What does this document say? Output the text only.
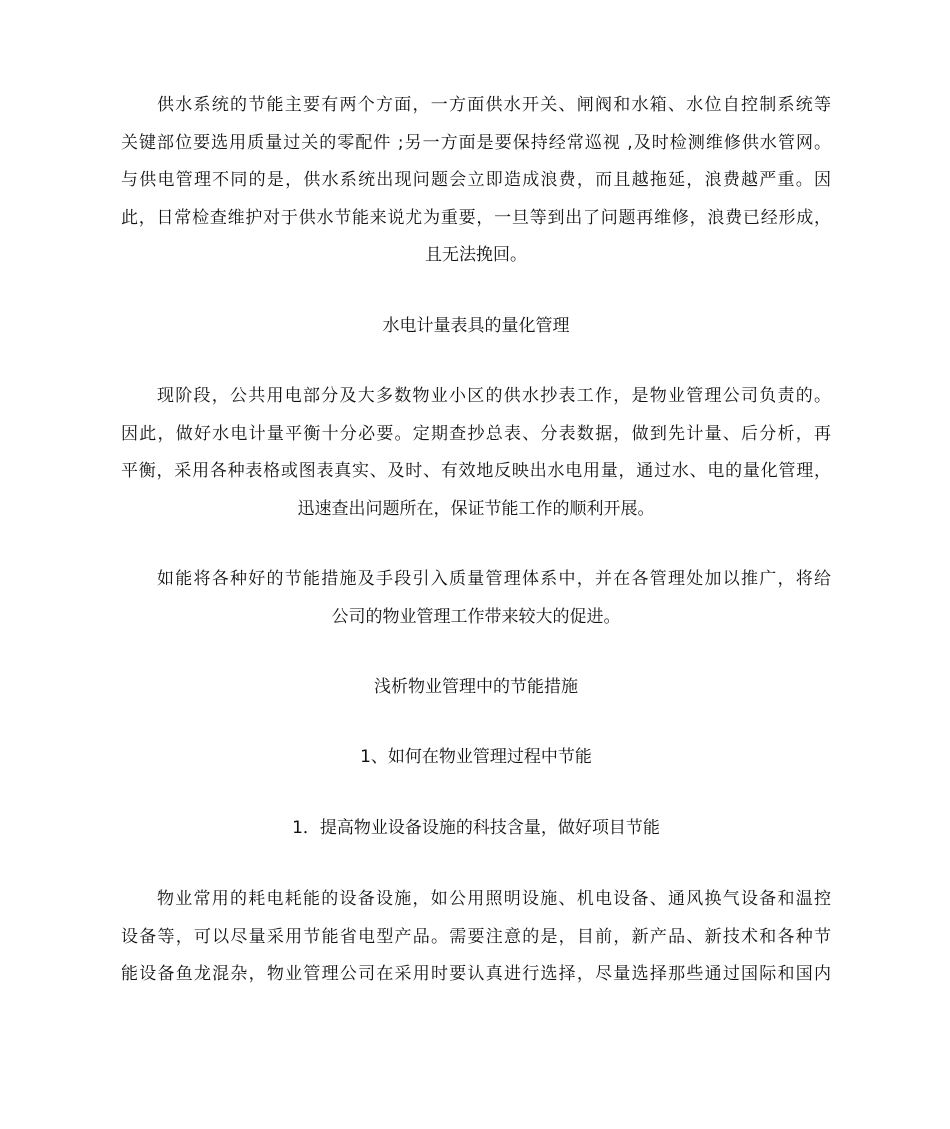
供水系统的节能主要有两个方面，一方面供水开关、闸阀和水箱、水位自控制系统等
关键部位要选用质量过关的零配件 ;另一方面是要保持经常巡视 ,及时检测维修供水管网。
与供电管理不同的是，供水系统出现问题会立即造成浪费，而且越拖延，浪费越严重。因
此，日常检查维护对于供水节能来说尤为重要，一旦等到出了问题再维修，浪费已经形成，
且无法挽回。
水电计量表具的量化管理
现阶段，公共用电部分及大多数物业小区的供水抄表工作，是物业管理公司负责的。
因此，做好水电计量平衡十分必要。定期查抄总表、分表数据，做到先计量、后分析，再
平衡，采用各种表格或图表真实、及时、有效地反映出水电用量，通过水、电的量化管理，
迅速查出问题所在，保证节能工作的顺利开展。
如能将各种好的节能措施及手段引入质量管理体系中，并在各管理处加以推广，将给
公司的物业管理工作带来较大的促进。
浅析物业管理中的节能措施
1、如何在物业管理过程中节能
1．提高物业设备设施的科技含量，做好项目节能
物业常用的耗电耗能的设备设施，如公用照明设施、机电设备、通风换气设备和温控
设备等，可以尽量采用节能省电型产品。需要注意的是，目前，新产品、新技术和各种节
能设备鱼龙混杂，物业管理公司在采用时要认真进行选择，尽量选择那些通过国际和国内
